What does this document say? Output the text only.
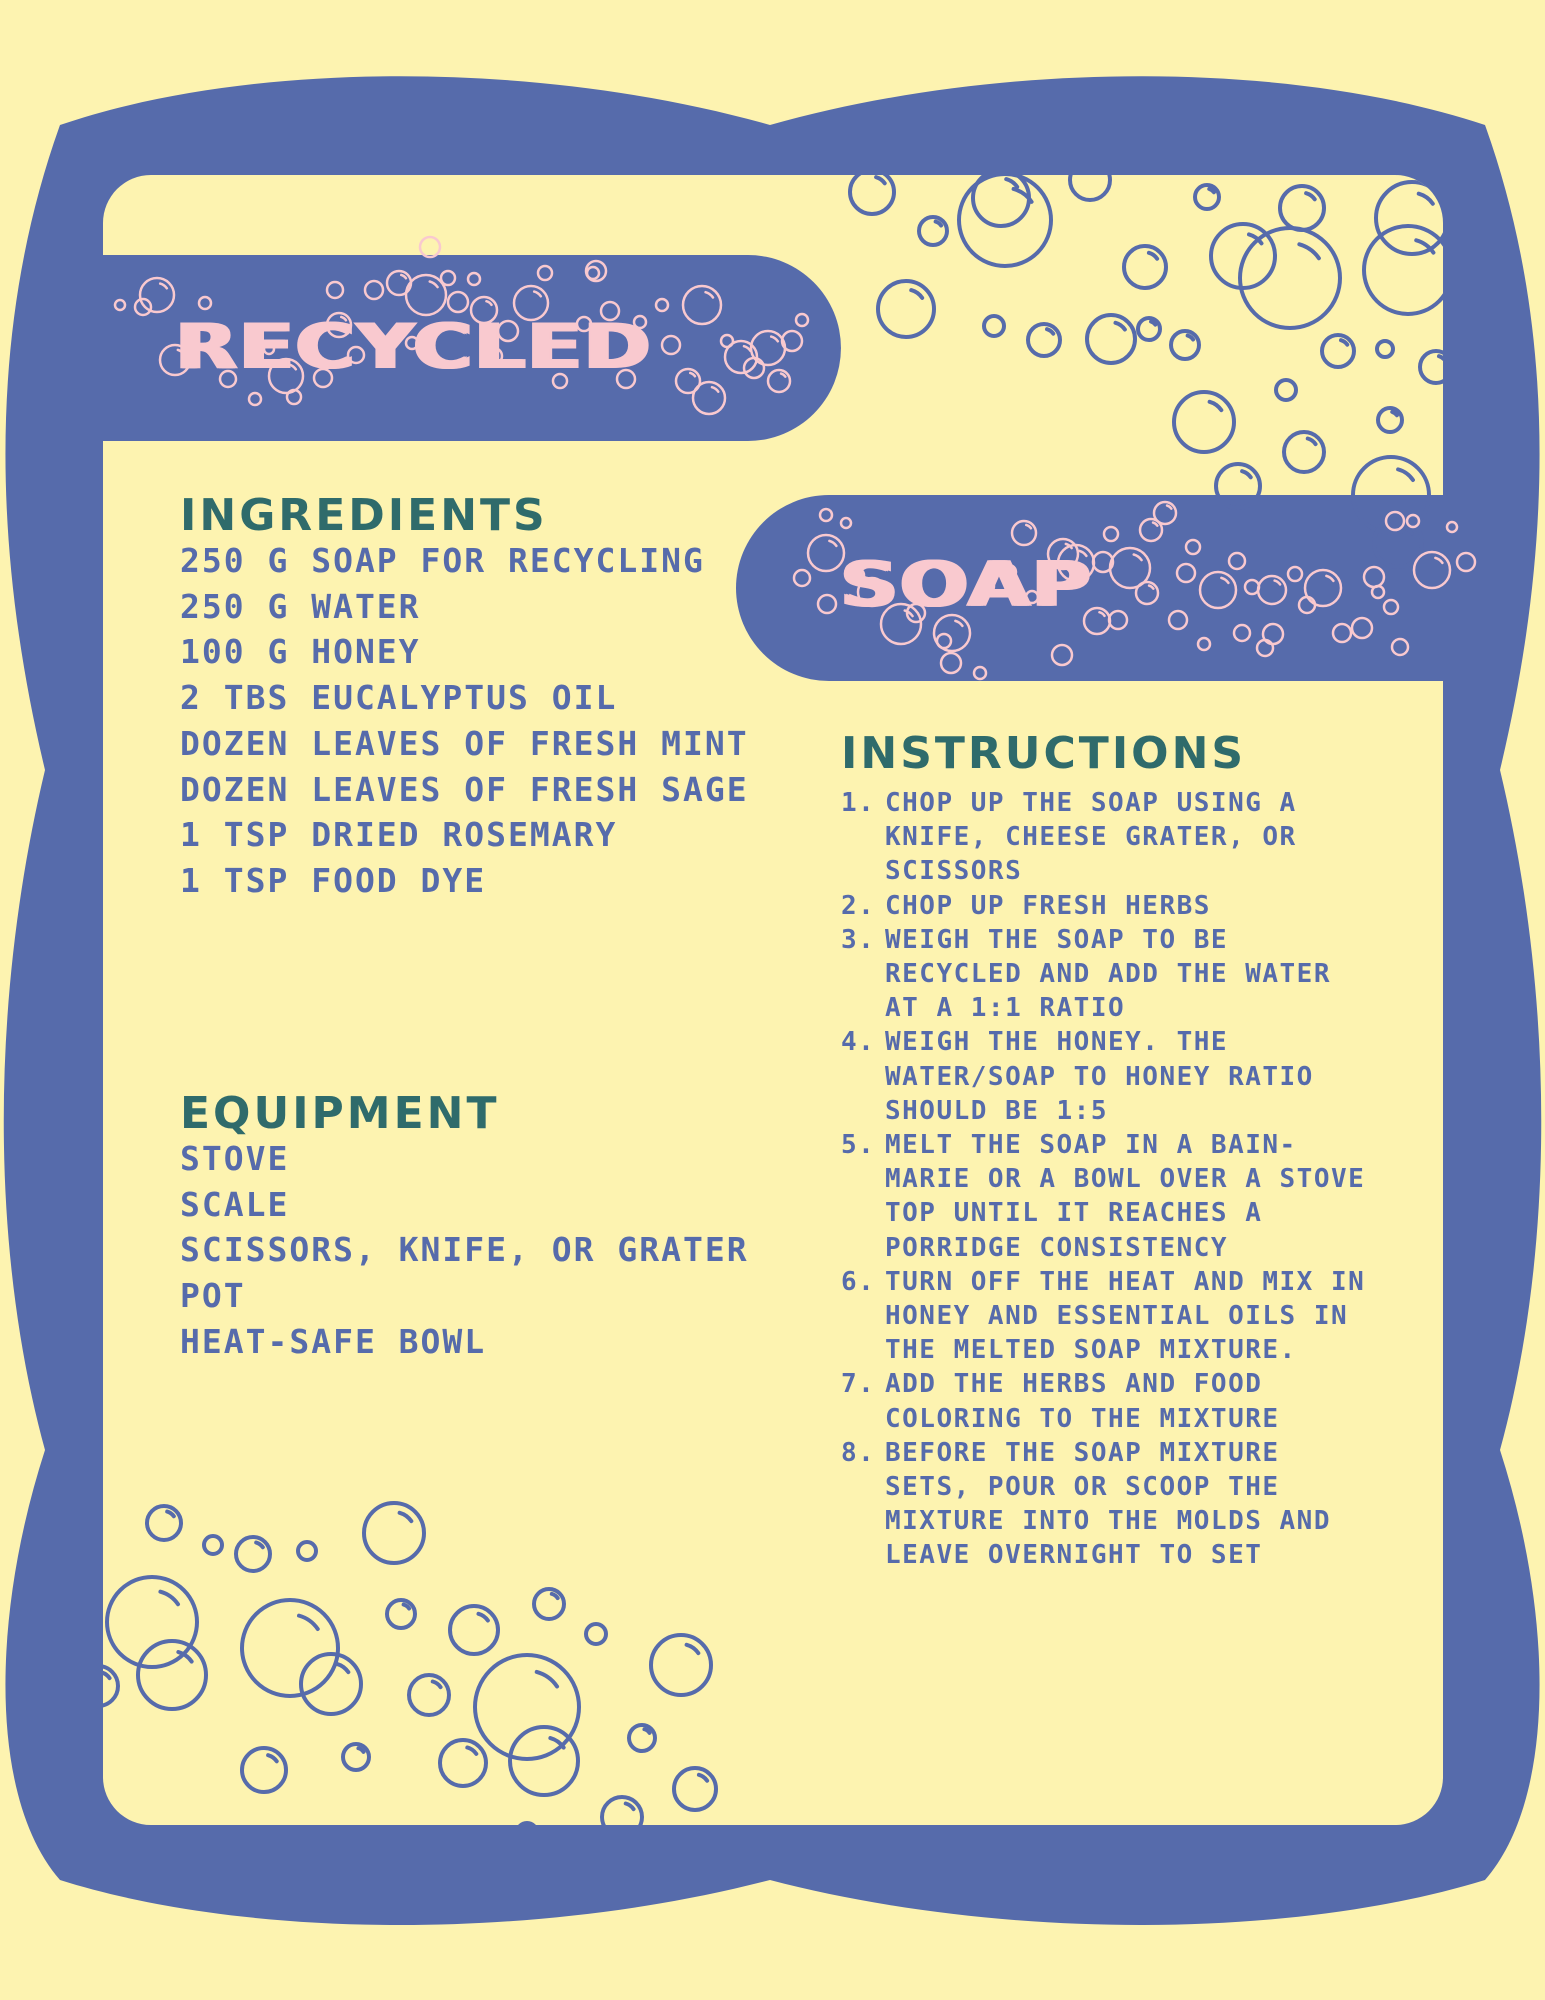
RECYCLED
SOAP
INGREDIENTS
250 G SOAP FOR RECYCLING
250 G WATER
100 G HONEY
2 TBS EUCALYPTUS OIL
DOZEN LEAVES OF FRESH MINT
DOZEN LEAVES OF FRESH SAGE
1 TSP DRIED ROSEMARY
1 TSP FOOD DYE
EQUIPMENT
STOVE
SCALE
SCISSORS, KNIFE, OR GRATER
POT
HEAT-SAFE BOWL
INSTRUCTIONS
1. CHOP UP THE SOAP USING A KNIFE, CHEESE GRATER, OR SCISSORS
2. CHOP UP FRESH HERBS
3. WEIGH THE SOAP TO BE RECYCLED AND ADD THE WATER AT A 1:1 RATIO
4. WEIGH THE HONEY. THE WATER/SOAP TO HONEY RATIO SHOULD BE 1:5
5. MELT THE SOAP IN A BAIN-MARIE OR A BOWL OVER A STOVE TOP UNTIL IT REACHES A PORRIDGE CONSISTENCY
6. TURN OFF THE HEAT AND MIX IN HONEY AND ESSENTIAL OILS IN THE MELTED SOAP MIXTURE.
7. ADD THE HERBS AND FOOD COLORING TO THE MIXTURE
8. BEFORE THE SOAP MIXTURE SETS, POUR OR SCOOP THE MIXTURE INTO THE MOLDS AND LEAVE OVERNIGHT TO SET
